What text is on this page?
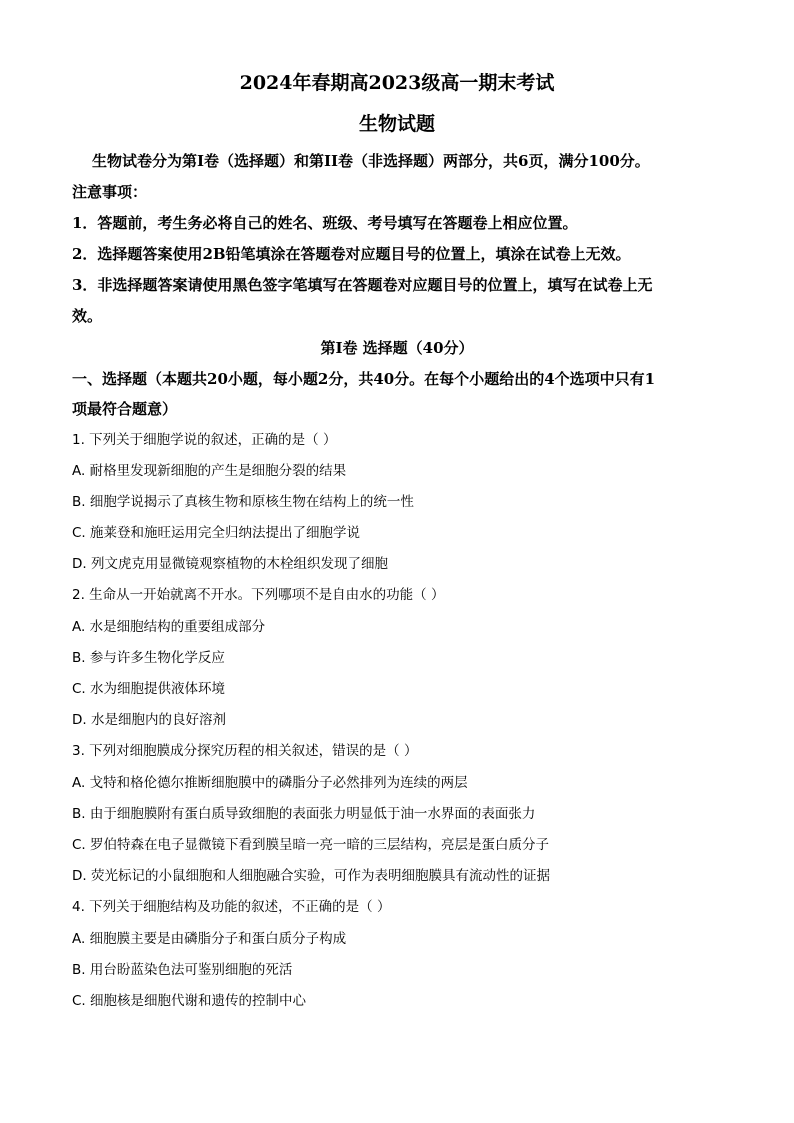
2024年春期高2023级高一期末考试
生物试题
生物试卷分为第I卷（选择题）和第II卷（非选择题）两部分，共6页，满分100分。
注意事项：
1．答题前，考生务必将自己的姓名、班级、考号填写在答题卷上相应位置。
2．选择题答案使用2B铅笔填涂在答题卷对应题目号的位置上，填涂在试卷上无效。
3．非选择题答案请使用黑色签字笔填写在答题卷对应题目号的位置上，填写在试卷上无
效。
第I卷 选择题（40分）
一、选择题（本题共20小题，每小题2分，共40分。在每个小题给出的4个选项中只有1
项最符合题意）
1. 下列关于细胞学说的叙述，正确的是（ ）
A. 耐格里发现新细胞的产生是细胞分裂的结果
B. 细胞学说揭示了真核生物和原核生物在结构上的统一性
C. 施莱登和施旺运用完全归纳法提出了细胞学说
D. 列文虎克用显微镜观察植物的木栓组织发现了细胞
2. 生命从一开始就离不开水。下列哪项不是自由水的功能（ ）
A. 水是细胞结构的重要组成部分
B. 参与许多生物化学反应
C. 水为细胞提供液体环境
D. 水是细胞内的良好溶剂
3. 下列对细胞膜成分探究历程的相关叙述，错误的是（ ）
A. 戈特和格伦德尔推断细胞膜中的磷脂分子必然排列为连续的两层
B. 由于细胞膜附有蛋白质导致细胞的表面张力明显低于油一水界面的表面张力
C. 罗伯特森在电子显微镜下看到膜呈暗一亮一暗的三层结构，亮层是蛋白质分子
D. 荧光标记的小鼠细胞和人细胞融合实验，可作为表明细胞膜具有流动性的证据
4. 下列关于细胞结构及功能的叙述，不正确的是（ ）
A. 细胞膜主要是由磷脂分子和蛋白质分子构成
B. 用台盼蓝染色法可鉴别细胞的死活
C. 细胞核是细胞代谢和遗传的控制中心
